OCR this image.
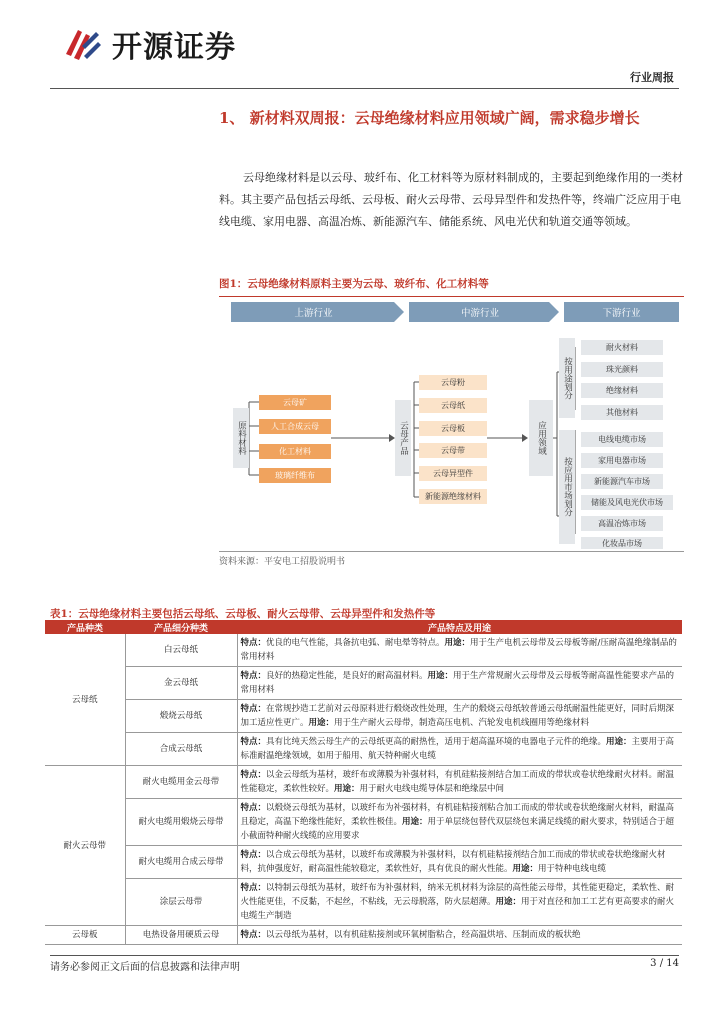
开源证券
行业周报
1、 新材料双周报：云母绝缘材料应用领域广阔，需求稳步增长
云母绝缘材料是以云母、玻纤布、化工材料等为原材料制成的，主要起到绝缘作用的一类材料。其主要产品包括云母纸、云母板、耐火云母带、云母异型件和发热件等，终端广泛应用于电线电缆、家用电器、高温冶炼、新能源汽车、储能系统、风电光伏和轨道交通等领域。
图1：云母绝缘材料原料主要为云母、玻纤布、化工材料等
上游行业	中游行业	下游行业
原料材料
云母矿
人工合成云母
化工材料
玻璃纤维布
云母产品
云母粉
云母纸
云母板
云母带
云母异型件
新能源绝缘材料
应用领域
按用途划分
按应用市场划分
耐火材料
珠光颜料
绝缘材料
其他材料
电线电缆市场
家用电器市场
新能源汽车市场
储能及风电光伏市场
高温冶炼市场
化妆品市场
资料来源：平安电工招股说明书
表1：云母绝缘材料主要包括云母纸、云母板、耐火云母带、云母异型件和发热件等
产品种类	产品细分种类	产品特点及用途
云母纸	白云母纸	特点：优良的电气性能，具备抗电弧、耐电晕等特点。用途：用于生产电机云母带及云母板等耐/压耐高温绝缘制品的常用材料
	金云母纸	特点：良好的热稳定性能，是良好的耐高温材料。用途：用于生产常规耐火云母带及云母板等耐高温性能要求产品的常用材料
	煅烧云母纸	特点：在常规抄造工艺前对云母原料进行煅烧改性处理，生产的煅烧云母纸较普通云母纸耐温性能更好，同时后期深加工适应性更广。用途：用于生产耐火云母带，制造高压电机、汽轮发电机线圈用等绝缘材料
	合成云母纸	特点：具有比纯天然云母生产的云母纸更高的耐热性，适用于超高温环境的电器电子元件的绝缘。用途：主要用于高标准耐温绝缘领域，如用于船用、航天特种耐火电缆
耐火云母带	耐火电缆用金云母带	特点：以金云母纸为基材，玻纤布或薄膜为补强材料，有机硅粘接剂结合加工而成的带状或卷状绝缘耐火材料。耐温性能稳定，柔软性较好。用途：用于耐火电线电缆导体层和绝缘层中间
	耐火电缆用煅烧云母带	特点：以煅烧云母纸为基材，以玻纤布为补强材料，有机硅粘接剂粘合加工而成的带状或卷状绝缘耐火材料，耐温高且稳定，高温下绝缘性能好，柔软性极佳。用途：用于单层绕包替代双层绕包来满足线缆的耐火要求，特别适合于超小截面特种耐火线缆的应用要求
	耐火电缆用合成云母带	特点：以合成云母纸为基材，以玻纤布或薄膜为补强材料，以有机硅粘接剂结合加工而成的带状或卷状绝缘耐火材料，抗伸强度好，耐高温性能较稳定，柔软性好，具有优良的耐火性能。用途：用于特种电线电缆
	涂层云母带	特点：以特制云母纸为基材，玻纤布为补强材料，纳米无机材料为涂层的高性能云母带，其性能更稳定，柔软性、耐火性能更佳，不反黏，不起丝，不粘线，无云母脱落，防火层超薄。用途：用于对直径和加工工艺有更高要求的耐火电缆生产制造
云母板	电热设备用硬质云母	特点：以云母纸为基材，以有机硅粘接剂或环氧树脂粘合，经高温烘培、压制而成的板状绝
请务必参阅正文后面的信息披露和法律声明	3 / 14
